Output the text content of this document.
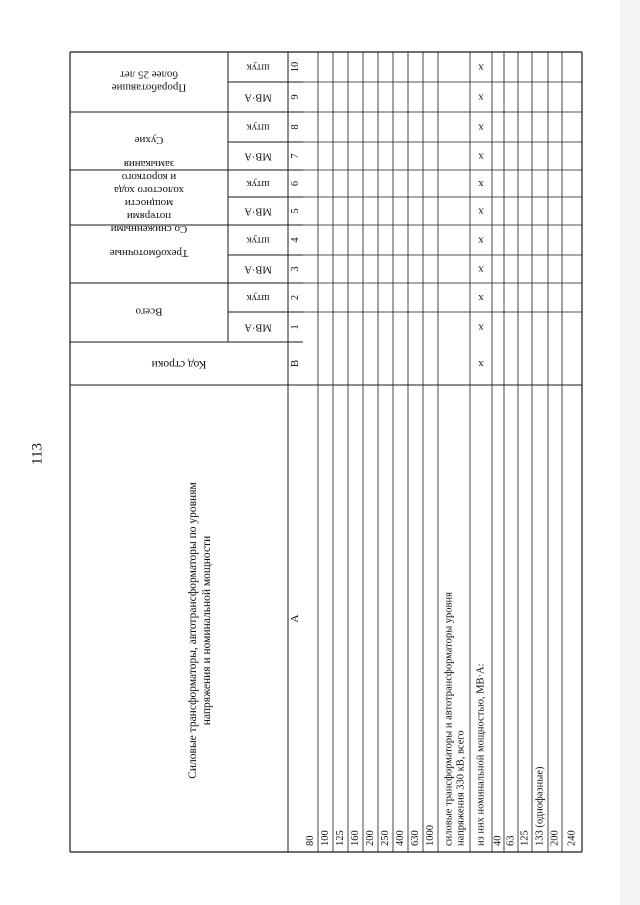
113
Всего
Трехобмоточные
Со сниженнымипотерямимощностихолостого ходаи короткогозамыкания
Сухие
Проработавшиеболее 25 лет
МВ·А 1
штук 2
МВ·А 3
штук 4
МВ·А 5
штук 6
МВ·А 7
штук 8
МВ·А 9
штук 10
Код строки	В
Силовые трансформаторы, автотрансформаторы по уровням напряжения и номинальной мощности	А
80 100 125 160 200 250 400 630 1000 силовые трансформаторы и автотрансформаторы уровнянапряжения 330 кВ, всего из них номинальной мощностью, МВ·А:
х
х
х
х
х
х
х
х
х
х
х
40 63 125 133 (однофазные) 200 240
